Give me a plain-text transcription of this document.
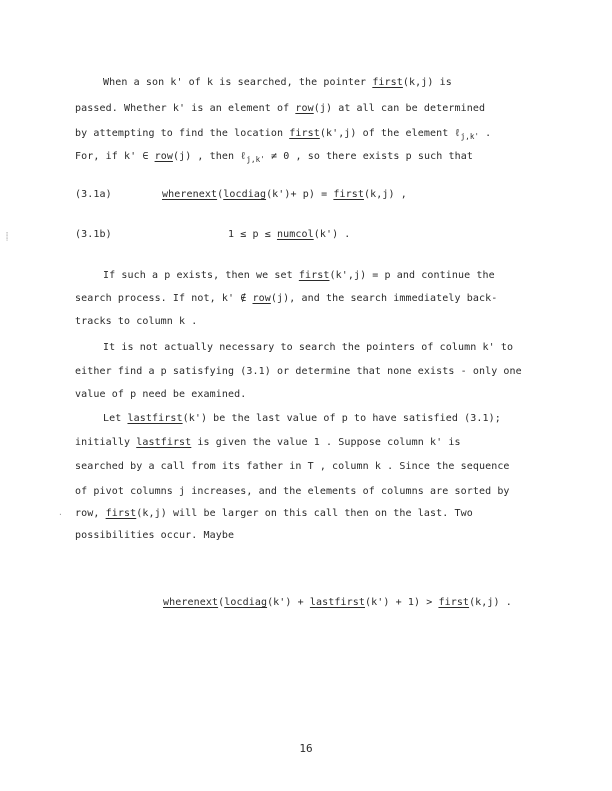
When a son k' of k is searched, the pointer first(k,j) is
passed. Whether k' is an element of row(j) at all can be determined
by attempting to find the location first(k',j) of the element ℓ$_{j,k'}$ .
For, if k' ∈ row(j) , then ℓ$_{j,k'}$ ≠ 0 , so there exists p such that
(3.1a)	wherenext(locdiag(k')+ p) = first(k,j) ,
(3.1b)	1 ≤ p ≤ numcol(k') .
If such a p exists, then we set first(k',j) = p and continue the
search process. If not, k' ∉ row(j), and the search immediately back-
tracks to column k .
It is not actually necessary to search the pointers of column k' to
either find a p satisfying (3.1) or determine that none exists - only one
value of p need be examined.
Let lastfirst(k') be the last value of p to have satisfied (3.1);
initially lastfirst is given the value 1 . Suppose column k' is
searched by a call from its father in T , column k . Since the sequence
of pivot columns j increases, and the elements of columns are sorted by
row, first(k,j) will be larger on this call then on the last. Two
possibilities occur. Maybe
wherenext(locdiag(k') + lastfirst(k') + 1) > first(k,j) .
16
⸽
·
